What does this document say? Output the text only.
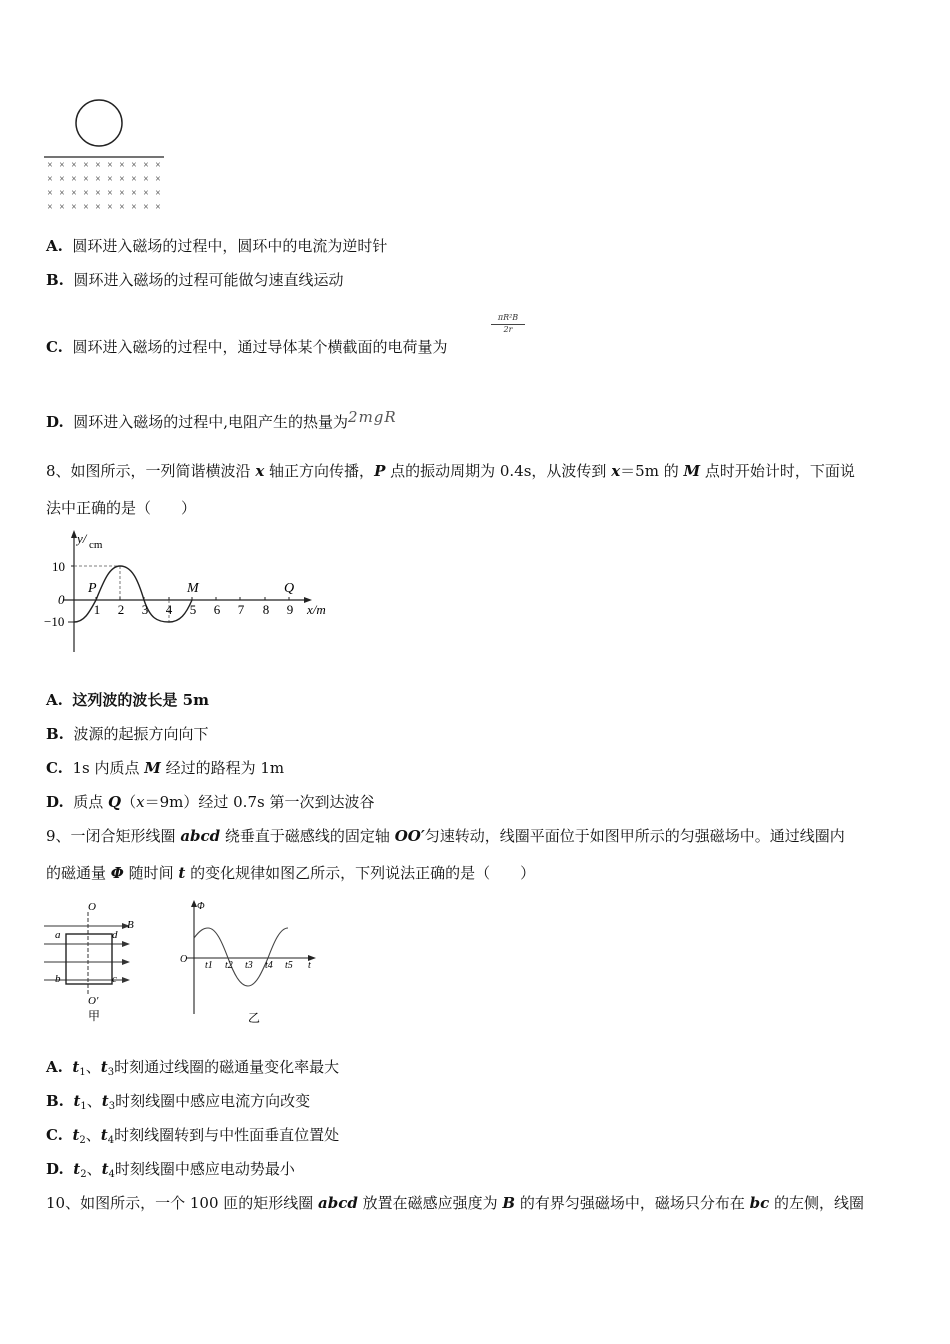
× × × × × × × × × ×
× × × × × × × × × ×
× × × × × × × × × ×
× × × × × × × × × ×
A. 圆环进入磁场的过程中，圆环中的电流为逆时针
B. 圆环进入磁场的过程可能做匀速直线运动
C. 圆环进入磁场的过程中，通过导体某个横截面的电荷量为
πR²B
2r
D. 圆环进入磁场的过程中,电阻产生的热量为2mgR
8、如图所示，一列简谐横波沿 x 轴正方向传播，P 点的振动周期为 0.4s，从波传到 x＝5m 的 M 点时开始计时，下面说
法中正确的是（　　）
y/ cm
10
0
−10
1 2 3 4 5 6 7 8 9 x/m
P	M	Q
A. 这列波的波长是 5m
B. 波源的起振方向向下
C. 1s 内质点 M 经过的路程为 1m
D. 质点 Q（x＝9m）经过 0.7s 第一次到达波谷
9、一闭合矩形线圈 abcd 绕垂直于磁感线的固定轴 OO′匀速转动，线圈平面位于如图甲所示的匀强磁场中。通过线圈内
的磁通量 Φ 随时间 t 的变化规律如图乙所示，下列说法正确的是（　　）
O
B
a	d
b	c
O′
甲
Φ
O
t
t1 t2 t3 t4 t5
乙
A. $t_1$、$t_3$时刻通过线圈的磁通量变化率最大
B. $t_1$、$t_3$时刻线圈中感应电流方向改变
C. $t_2$、$t_4$时刻线圈转到与中性面垂直位置处
D. $t_2$、$t_4$时刻线圈中感应电动势最小
10、如图所示，一个 100 匝的矩形线圈 abcd 放置在磁感应强度为 B 的有界匀强磁场中，磁场只分布在 bc 的左侧，线圈
